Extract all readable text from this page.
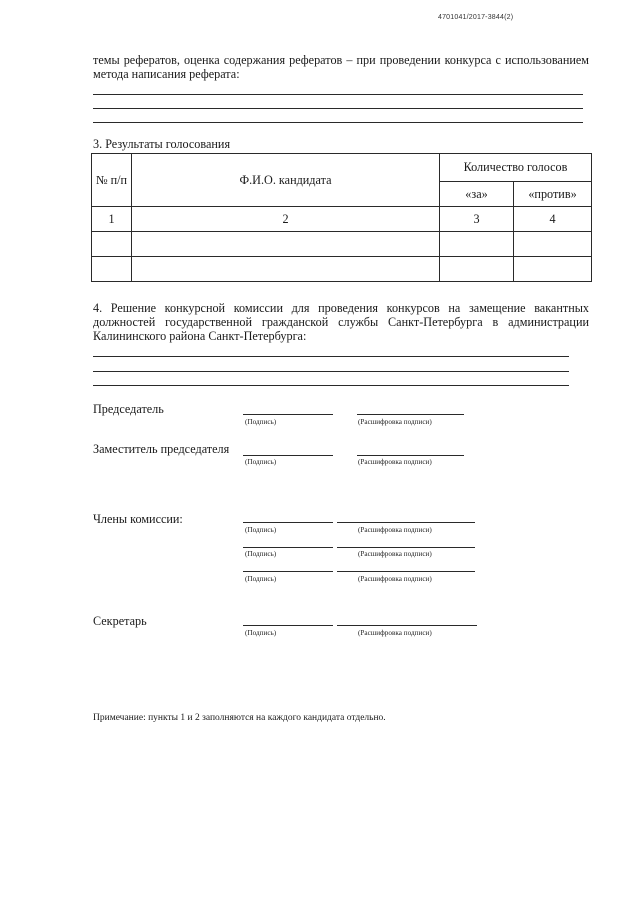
4701041/2017-3844(2)
темы рефератов, оценка содержания рефератов – при проведении конкурса с использованием метода написания реферата:
3. Результаты голосования
№ п/п	Ф.И.О. кандидата	Количество голосов	
		«за»	«против»
1	2	3	4

4. Решение конкурсной комиссии для проведения конкурсов на замещение вакантных должностей государственной гражданской службы Санкт-Петербурга в администрации Калининского района Санкт-Петербурга:
Председатель
(Подпись)	(Расшифровка подписи)
Заместитель председателя
(Подпись)	(Расшифровка подписи)
Члены комиссии:
(Подпись)	(Расшифровка подписи)
(Подпись)	(Расшифровка подписи)
(Подпись)	(Расшифровка подписи)
Секретарь
(Подпись)	(Расшифровка подписи)
Примечание: пункты 1 и 2 заполняются на каждого кандидата отдельно.
